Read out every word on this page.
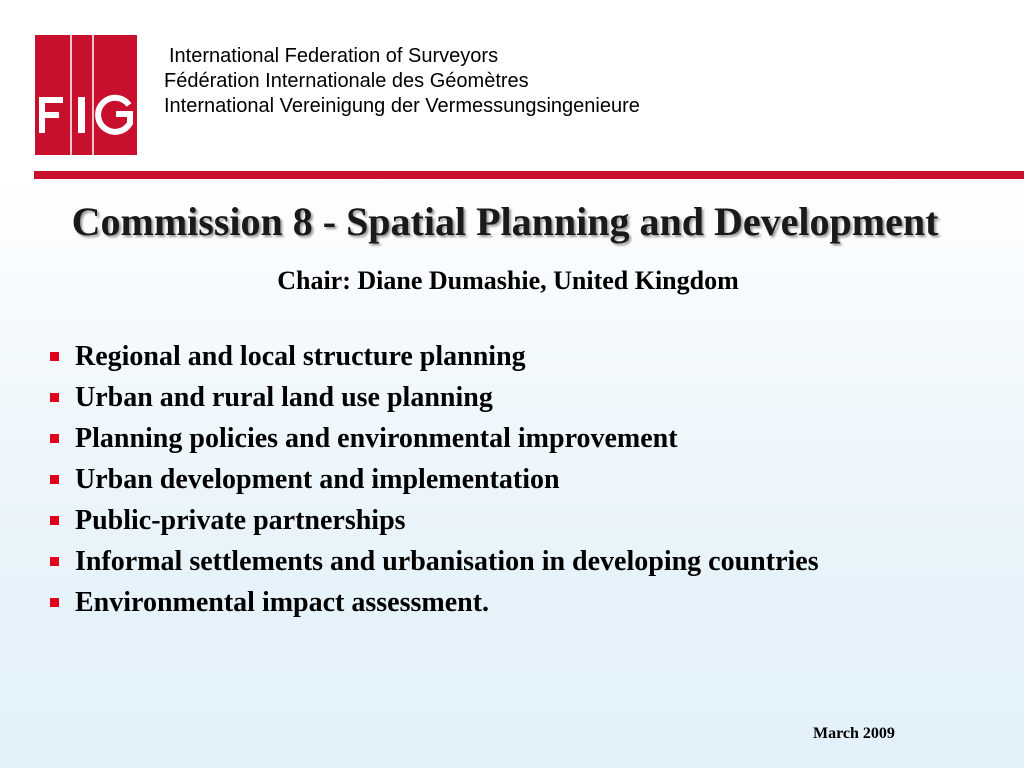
International Federation of Surveyors
Fédération Internationale des Géomètres
International Vereinigung der Vermessungsingenieure
Commission 8 - Spatial Planning and Development
Chair: Diane Dumashie, United Kingdom
Regional and local structure planning
Urban and rural land use planning
Planning policies and environmental improvement
Urban development and implementation
Public-private partnerships
Informal settlements and urbanisation in developing countries
Environmental impact assessment.
March 2009
